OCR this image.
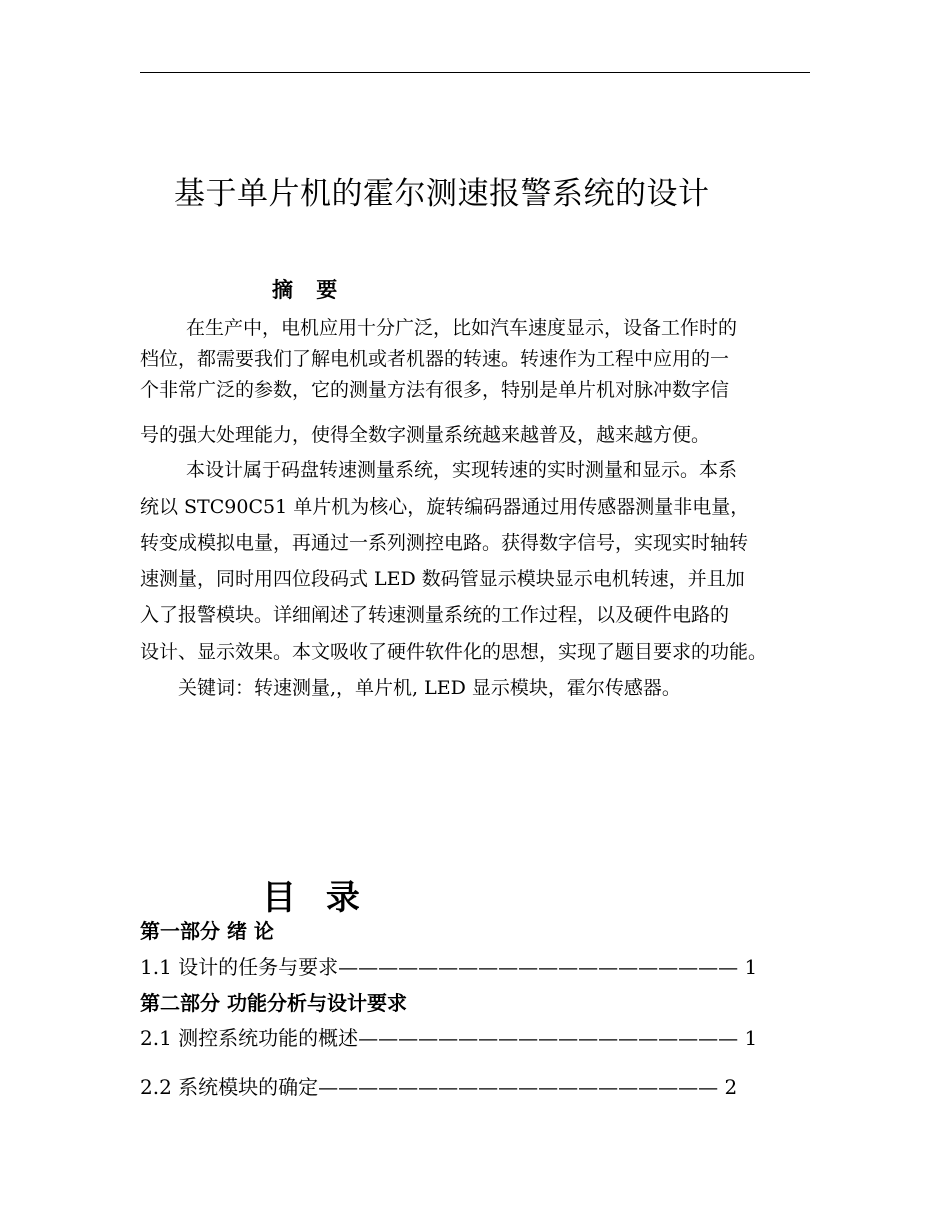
基于单片机的霍尔测速报警系统的设计
摘 要
在生产中，电机应用十分广泛，比如汽车速度显示，设备工作时的
档位，都需要我们了解电机或者机器的转速。转速作为工程中应用的一
个非常广泛的参数，它的测量方法有很多，特别是单片机对脉冲数字信
号的强大处理能力，使得全数字测量系统越来越普及，越来越方便。
本设计属于码盘转速测量系统，实现转速的实时测量和显示。本系
统以 STC90C51 单片机为核心，旋转编码器通过用传感器测量非电量，
转变成模拟电量，再通过一系列测控电路。获得数字信号，实现实时轴转
速测量，同时用四位段码式 LED 数码管显示模块显示电机转速，并且加
入了报警模块。详细阐述了转速测量系统的工作过程，以及硬件电路的
设计、显示效果。本文吸收了硬件软件化的思想，实现了题目要求的功能。
关键词：转速测量,，单片机, LED 显示模块，霍尔传感器。
目 录
第一部分 绪 论
1.1 设计的任务与要求———————————————————— 1
第二部分 功能分析与设计要求
2.1 测控系统功能的概述——————————————————— 1
2.2 系统模块的确定———————————————————— 2
